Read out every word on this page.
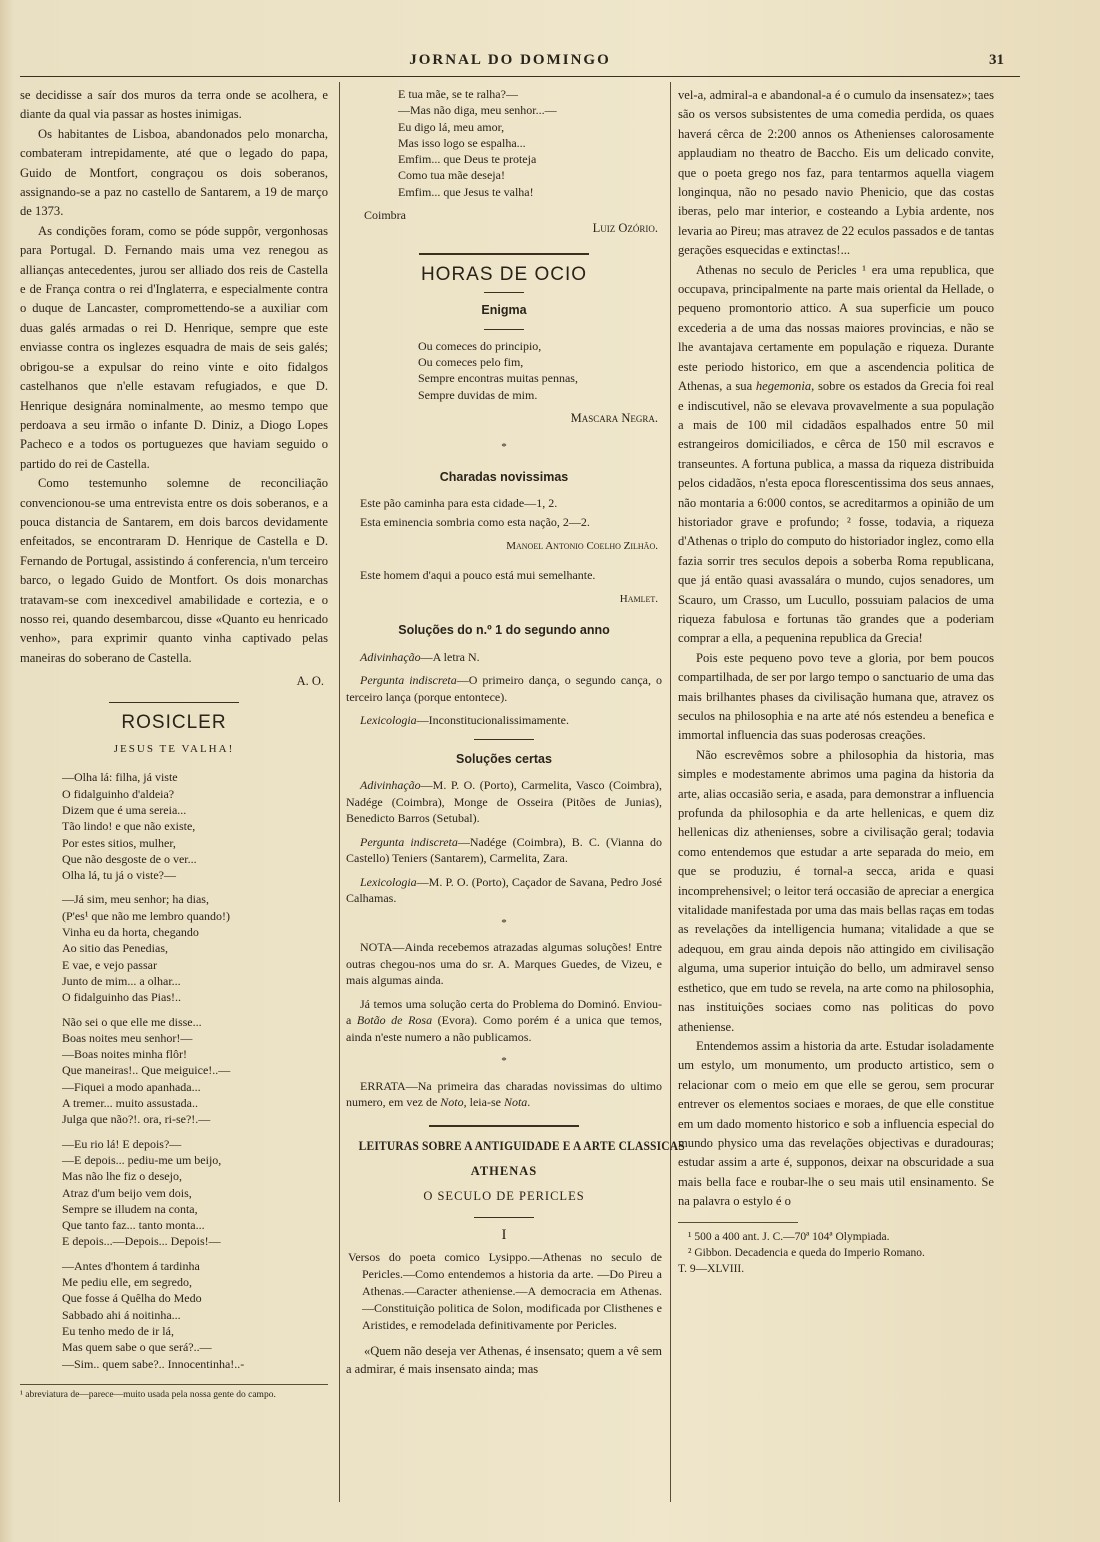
JORNAL DO DOMINGO	31

se decidisse a saír dos muros da terra onde se acolhera, e diante da qual via passar as hostes inimigas.

Os habitantes de Lisboa, abandonados pelo monarcha, combateram intrepidamente, até que o legado do papa, Guido de Montfort, congraçou os dois soberanos, assignando-se a paz no castello de Santarem, a 19 de março de 1373.

As condições foram, como se póde suppôr, vergonhosas para Portugal. D. Fernando mais uma vez renegou as allianças antecedentes, jurou ser alliado dos reis de Castella e de França contra o rei d'Inglaterra, e especialmente contra o duque de Lancaster, compromettendo-se a auxiliar com duas galés armadas o rei D. Henrique, sempre que este enviasse contra os inglezes esquadra de mais de seis galés; obrigou-se a expulsar do reino vinte e oito fidalgos castelhanos que n'elle estavam refugiados, e que D. Henrique designára nominalmente, ao mesmo tempo que perdoava a seu irmão o infante D. Diniz, a Diogo Lopes Pacheco e a todos os portuguezes que haviam seguido o partido do rei de Castella.

Como testemunho solemne de reconciliação convencionou-se uma entrevista entre os dois soberanos, e a pouca distancia de Santarem, em dois barcos devidamente enfeitados, se encontraram D. Henrique de Castella e D. Fernando de Portugal, assistindo á conferencia, n'um terceiro barco, o legado Guido de Montfort. Os dois monarchas tratavam-se com inexcedivel amabilidade e cortezia, e o nosso rei, quando desembarcou, disse «Quanto eu henricado venho», para exprimir quanto vinha captivado pelas maneiras do soberano de Castella.

A. O.
ROSICLER
JESUS TE VALHA!
—Olha lá: filha, já viste
O fidalguinho d'aldeia?
Dizem que é uma sereia...
Tão lindo! e que não existe,
Por estes sitios, mulher,
Que não desgoste de o ver...
Olha lá, tu já o viste?—
—Já sim, meu senhor; ha dias,
(P'es¹ que não me lembro quando!)
Vinha eu da horta, chegando
Ao sitio das Penedias,
E vae, e vejo passar
Junto de mim... a olhar...
O fidalguinho das Pias!..
Não sei o que elle me disse...
Boas noites meu senhor!—
—Boas noites minha flôr!
Que maneiras!.. Que meiguice!..—
—Fiquei a modo apanhada...
A tremer... muito assustada..
Julga que não?!. ora, ri-se?!.—
—Eu rio lá! E depois?—
—E depois... pediu-me um beijo,
Mas não lhe fiz o desejo,
Atraz d'um beijo vem dois,
Sempre se illudem na conta,
Que tanto faz... tanto monta...
E depois...—Depois... Depois!—
—Antes d'hontem á tardinha
Me pediu elle, em segredo,
Que fosse á Quêlha do Medo
Sabbado ahi á noitinha...
Eu tenho medo de ir lá,
Mas quem sabe o que será?..—
—Sim.. quem sabe?.. Innocentinha!..-
¹ abreviatura de—parece—muito usada pela nossa gente do campo.
E tua mãe, se te ralha?—
—Mas não diga, meu senhor...—
Eu digo lá, meu amor,
Mas isso logo se espalha...
Emfim... que Deus te proteja
Como tua mãe deseja!
Emfim... que Jesus te valha!
Coimbra
Luiz Ozório.
HORAS DE OCIO
Enigma
Ou comeces do principio,
Ou comeces pelo fim,
Sempre encontras muitas pennas,
Sempre duvidas de mim.
Mascara Negra.
*
Charadas novissimas
Este pão caminha para esta cidade—1, 2.
Esta eminencia sombria como esta nação, 2—2.
Manoel Antonio Coelho Zilhão.
Este homem d'aqui a pouco está mui semelhante.
Hamlet.
Soluções do n.º 1 do segundo anno
Adivinhação—A letra N.
Pergunta indiscreta—O primeiro dança, o segundo cança, o terceiro lança (porque entontece).
Lexicologia—Inconstitucionalissimamente.
Soluções certas
Adivinhação—M. P. O. (Porto), Carmelita, Vasco (Coimbra), Nadége (Coimbra), Monge de Osseira (Pitões de Junias), Benedicto Barros (Setubal).
Pergunta indiscreta—Nadége (Coimbra), B. C. (Vianna do Castello) Teniers (Santarem), Carmelita, Zara.
Lexicologia—M. P. O. (Porto), Caçador de Savana, Pedro José Calhamas.
*
NOTA—Ainda recebemos atrazadas algumas soluções! Entre outras chegou-nos uma do sr. A. Marques Guedes, de Vizeu, e mais algumas ainda.
Já temos uma solução certa do Problema do Dominó. Enviou-a Botão de Rosa (Evora). Como porém é a unica que temos, ainda n'este numero a não publicamos.
*
ERRATA—Na primeira das charadas novissimas do ultimo numero, em vez de Noto, leia-se Nota.
LEITURAS SOBRE A ANTIGUIDADE E A ARTE CLASSICAS
ATHENAS
O SECULO DE PERICLES
I
Versos do poeta comico Lysippo.—Athenas no seculo de Pericles.—Como entendemos a historia da arte. —Do Pireu a Athenas.—Caracter atheniense.—A democracia em Athenas.—Constituição politica de Solon, modificada por Clisthenes e Aristides, e remodelada definitivamente por Pericles.

«Quem não deseja ver Athenas, é insensato; quem a vê sem a admirar, é mais insensato ainda; mas

vel-a, admiral-a e abandonal-a é o cumulo da insensatez»; taes são os versos subsistentes de uma comedia perdida, os quaes haverá cêrca de 2:200 annos os Athenienses calorosamente applaudiam no theatro de Baccho. Eis um delicado convite, que o poeta grego nos faz, para tentarmos aquella viagem longinqua, não no pesado navio Phenicio, que das costas iberas, pelo mar interior, e costeando a Lybia ardente, nos levaria ao Pireu; mas atravez de 22 eculos passados e de tantas gerações esquecidas e extinctas!...

Athenas no seculo de Pericles ¹ era uma republica, que occupava, principalmente na parte mais oriental da Hellade, o pequeno promontorio attico. A sua superficie um pouco excederia a de uma das nossas maiores provincias, e não se lhe avantajava certamente em população e riqueza. Durante este periodo historico, em que a ascendencia politica de Athenas, a sua hegemonia, sobre os estados da Grecia foi real e indiscutivel, não se elevava provavelmente a sua população a mais de 100 mil cidadãos espalhados entre 50 mil estrangeiros domiciliados, e cêrca de 150 mil escravos e transeuntes. A fortuna publica, a massa da riqueza distribuida pelos cidadãos, n'esta epoca florescentissima dos seus annaes, não montaria a 6:000 contos, se acreditarmos a opinião de um historiador grave e profundo; ² fosse, todavia, a riqueza d'Athenas o triplo do computo do historiador inglez, como ella fazia sorrir tres seculos depois a soberba Roma republicana, que já então quasi avassalára o mundo, cujos senadores, um Scauro, um Crasso, um Lucullo, possuiam palacios de uma riqueza fabulosa e fortunas tão grandes que a poderiam comprar a ella, a pequenina republica da Grecia!

Pois este pequeno povo teve a gloria, por bem poucos compartilhada, de ser por largo tempo o sanctuario de uma das mais brilhantes phases da civilisação humana que, atravez os seculos na philosophia e na arte até nós estendeu a benefica e immortal influencia das suas poderosas creações.

Não escrevêmos sobre a philosophia da historia, mas simples e modestamente abrimos uma pagina da historia da arte, alias occasião seria, e asada, para demonstrar a influencia profunda da philosophia e da arte hellenicas, e quem diz hellenicas diz athenienses, sobre a civilisação geral; todavia como entendemos que estudar a arte separada do meio, em que se produziu, é tornal-a secca, arida e quasi incomprehensivel; o leitor terá occasião de apreciar a energica vitalidade manifestada por uma das mais bellas raças em todas as revelações da intelligencia humana; vitalidade a que se adequou, em grau ainda depois não attingido em civilisação alguma, uma superior intuição do bello, um admiravel senso esthetico, que em tudo se revela, na arte como na philosophia, nas instituições sociaes como nas politicas do povo atheniense.

Entendemos assim a historia da arte. Estudar isoladamente um estylo, um monumento, um producto artistico, sem o relacionar com o meio em que elle se gerou, sem procurar entrever os elementos sociaes e moraes, de que elle constitue em um dado momento historico e sob a influencia especial do mundo physico uma das revelações objectivas e duradouras; estudar assim a arte é, supponos, deixar na obscuridade a sua mais bella face e roubar-lhe o seu mais util ensinamento. Se na palavra o estylo é o

¹ 500 a 400 ant. J. C.—70ª 104ª Olympiada.
² Gibbon. Decadencia e queda do Imperio Romano.
T. 9—XLVIII.
